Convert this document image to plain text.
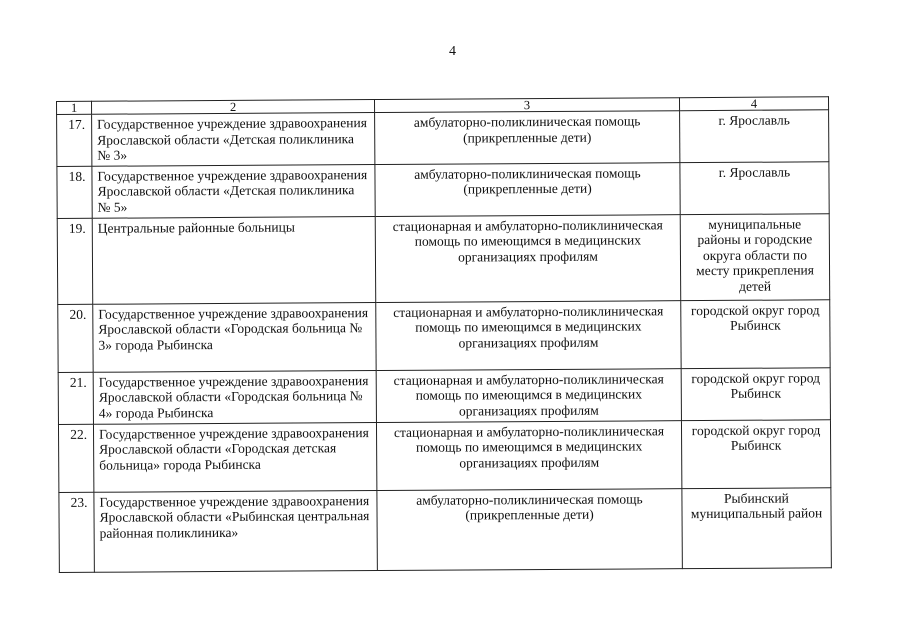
4
1	2	3	4
17.	Государственное учреждение здравоохранения Ярославской области «Детская поликлиника № 3»	амбулаторно-поликлиническая помощь (прикрепленные дети)	г. Ярославль
18.	Государственное учреждение здравоохранения Ярославской области «Детская поликлиника № 5»	амбулаторно-поликлиническая помощь (прикрепленные дети)	г. Ярославль
19.	Центральные районные больницы	стационарная и амбулаторно-поликлиническая помощь по имеющимся в медицинских организациях профилям	муниципальные районы и городские округа области по месту прикрепления детей
20.	Государственное учреждение здравоохранения Ярославской области «Городская больница № 3» города Рыбинска	стационарная и амбулаторно-поликлиническая помощь по имеющимся в медицинских организациях профилям	городской округ город Рыбинск
21.	Государственное учреждение здравоохранения Ярославской области «Городская больница № 4» города Рыбинска	стационарная и амбулаторно-поликлиническая помощь по имеющимся в медицинских организациях профилям	городской округ город Рыбинск
22.	Государственное учреждение здравоохранения Ярославской области «Городская детская больница» города Рыбинска	стационарная и амбулаторно-поликлиническая помощь по имеющимся в медицинских организациях профилям	городской округ город Рыбинск
23.	Государственное учреждение здравоохранения Ярославской области «Рыбинская центральная районная поликлиника»	амбулаторно-поликлиническая помощь (прикрепленные дети)	Рыбинский муниципальный район
